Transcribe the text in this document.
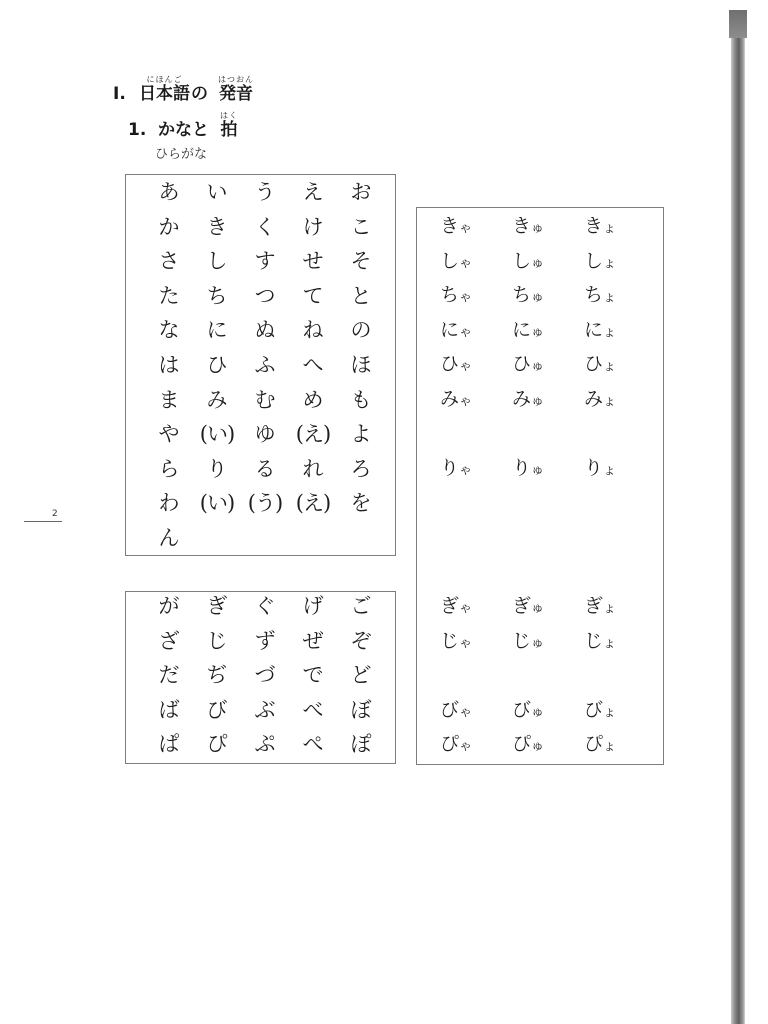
Ⅰ.
にほんご
日本語 の
はつおん
発音
1. かなと
はく
拍
ひらがな
2
あ	い	う	え	お
か	き	く	け	こ
さ	し	す	せ	そ
た	ち	つ	て	と
な	に	ぬ	ね	の
は	ひ	ふ	へ	ほ
ま	み	む	め	も
や (い) ゆ (え) よ
ら	り	る	れ	ろ
わ (い) (う) (え) を
ん
が	ぎ	ぐ	げ	ご
ざ	じ	ず	ぜ	ぞ
だ	ぢ	づ	で	ど
ば	び	ぶ	べ	ぼ
ぱ	ぴ	ぷ	ぺ	ぽ
きゃ	きゅ	きょ
しゃ	しゅ	しょ
ちゃ	ちゅ	ちょ
にゃ	にゅ	にょ
ひゃ	ひゅ	ひょ
みゃ	みゅ	みょ
りゃ	りゅ	りょ
ぎゃ	ぎゅ	ぎょ
じゃ	じゅ	じょ
びゃ	びゅ	びょ
ぴゃ	ぴゅ	ぴょ
